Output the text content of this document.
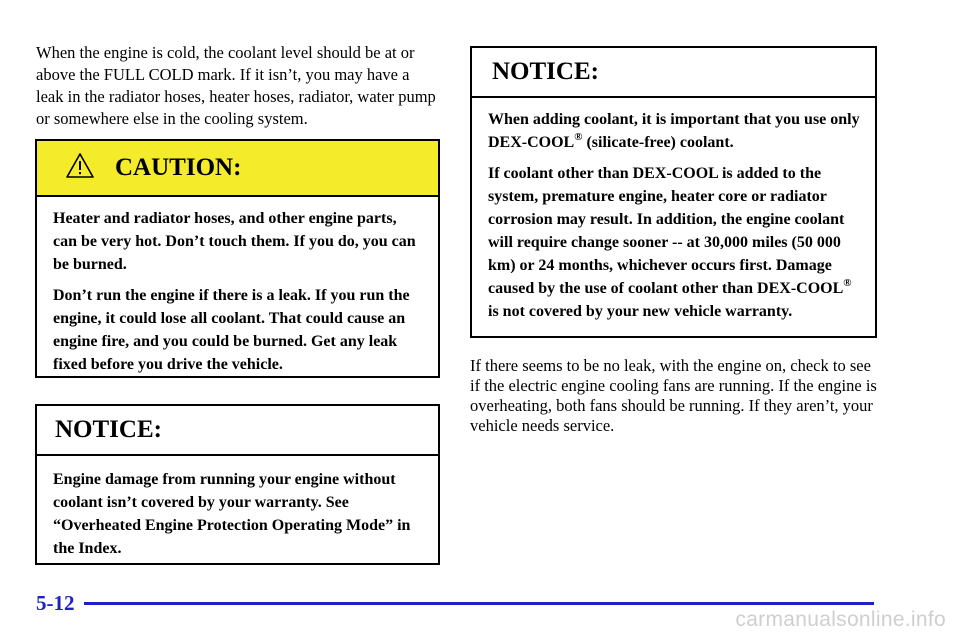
When the engine is cold, the coolant level should be at or above the FULL COLD mark. If it isn’t, you may have a leak in the radiator hoses, heater hoses, radiator, water pump or somewhere else in the cooling system.

CAUTION:

Heater and radiator hoses, and other engine parts, can be very hot. Don’t touch them. If you do, you can be burned.

Don’t run the engine if there is a leak. If you run the engine, it could lose all coolant. That could cause an engine fire, and you could be burned. Get any leak fixed before you drive the vehicle.

NOTICE:

Engine damage from running your engine without coolant isn’t covered by your warranty. See “Overheated Engine Protection Operating Mode” in the Index.

NOTICE:

When adding coolant, it is important that you use only DEX-COOL® (silicate-free) coolant.

If coolant other than DEX-COOL is added to the system, premature engine, heater core or radiator corrosion may result. In addition, the engine coolant will require change sooner -- at 30,000 miles (50 000 km) or 24 months, whichever occurs first. Damage caused by the use of coolant other than DEX-COOL® is not covered by your new vehicle warranty.

If there seems to be no leak, with the engine on, check to see if the electric engine cooling fans are running. If the engine is overheating, both fans should be running. If they aren’t, your vehicle needs service.

5-12
carmanualsonline.info
